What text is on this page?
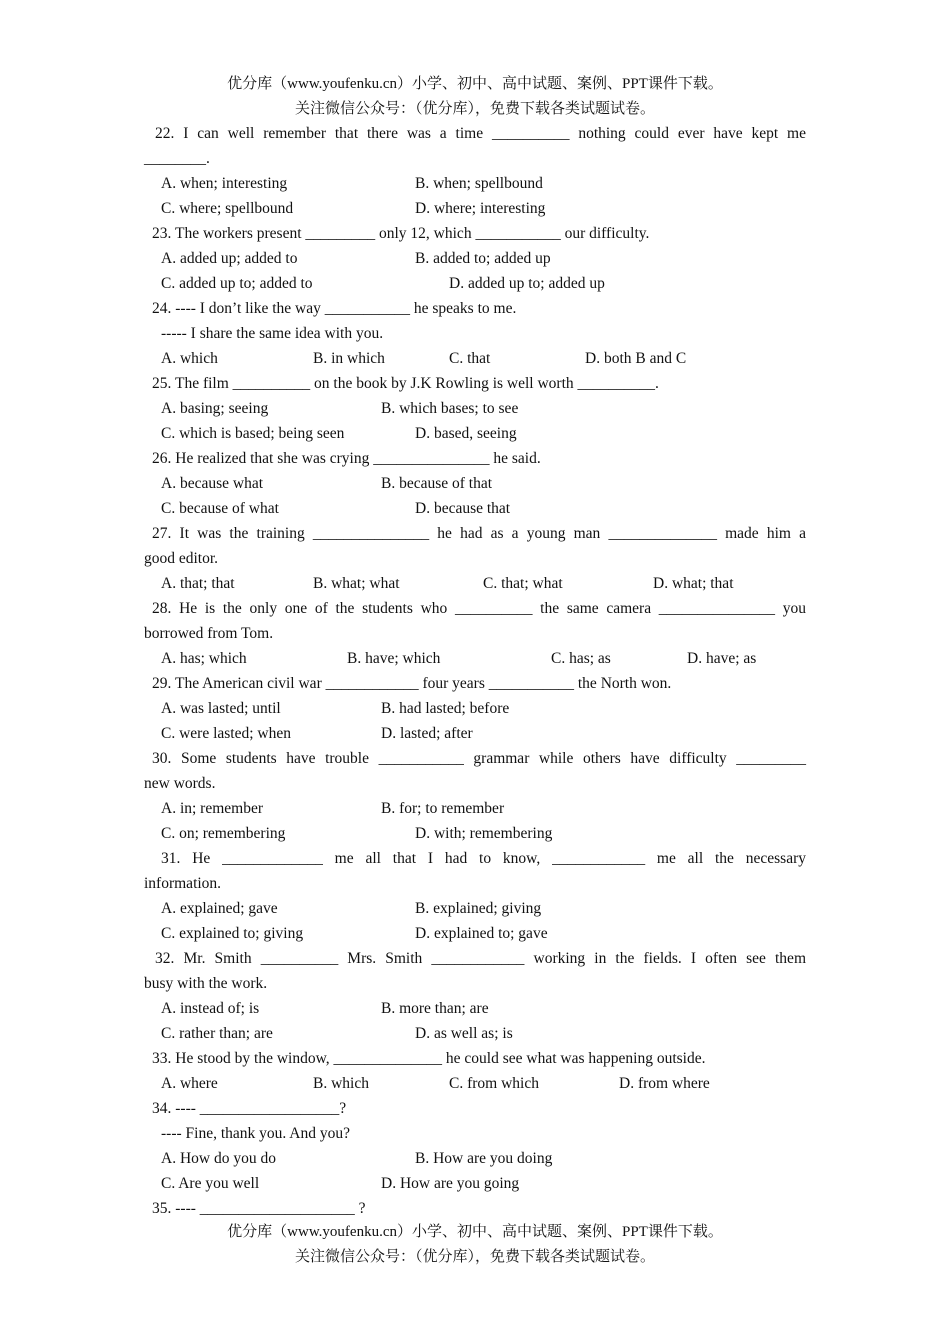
优分库（www.youfenku.cn）小学、初中、高中试题、案例、PPT课件下载。
关注微信公众号：（优分库），免费下载各类试题试卷。
22. I can well remember that there was a time __________ nothing could ever have kept me
________.
A. when; interesting	B. when; spellbound
C. where; spellbound	D. where; interesting
23. The workers present _________ only 12, which ___________ our difficulty.
A. added up; added to	B. added to; added up
C. added up to; added to	D. added up to; added up
24. ---- I don’t like the way ___________ he speaks to me.
----- I share the same idea with you.
A. which	B. in which	C. that	D. both B and C
25. The film __________ on the book by J.K Rowling is well worth __________.
A. basing; seeing	B. which bases; to see
C. which is based; being seen	D. based, seeing
26. He realized that she was crying _______________ he said.
A. because what	B. because of that
C. because of what	D. because that
27. It was the training _______________ he had as a young man ______________ made him a
good editor.
A. that; that	B. what; what	C. that; what	D. what; that
28. He is the only one of the students who __________ the same camera _______________ you
borrowed from Tom.
A. has; which	B. have; which	C. has; as	D. have; as
29. The American civil war ____________ four years ___________ the North won.
A. was lasted; until	B. had lasted; before
C. were lasted; when	D. lasted; after
30. Some students have trouble ___________ grammar while others have difficulty _________
new words.
A. in; remember	B. for; to remember
C. on; remembering	D. with; remembering
31. He _____________ me all that I had to know, ____________ me all the necessary
information.
A. explained; gave	B. explained; giving
C. explained to; giving	D. explained to; gave
32. Mr. Smith __________ Mrs. Smith ____________ working in the fields. I often see them
busy with the work.
A. instead of; is	B. more than; are
C. rather than; are	D. as well as; is
33. He stood by the window, ______________ he could see what was happening outside.
A. where	B. which	C. from which	D. from where
34. ---- __________________?
---- Fine, thank you. And you?
A. How do you do	B. How are you doing
C. Are you well	D. How are you going
35. ---- ____________________ ?
优分库（www.youfenku.cn）小学、初中、高中试题、案例、PPT课件下载。
关注微信公众号：（优分库），免费下载各类试题试卷。
